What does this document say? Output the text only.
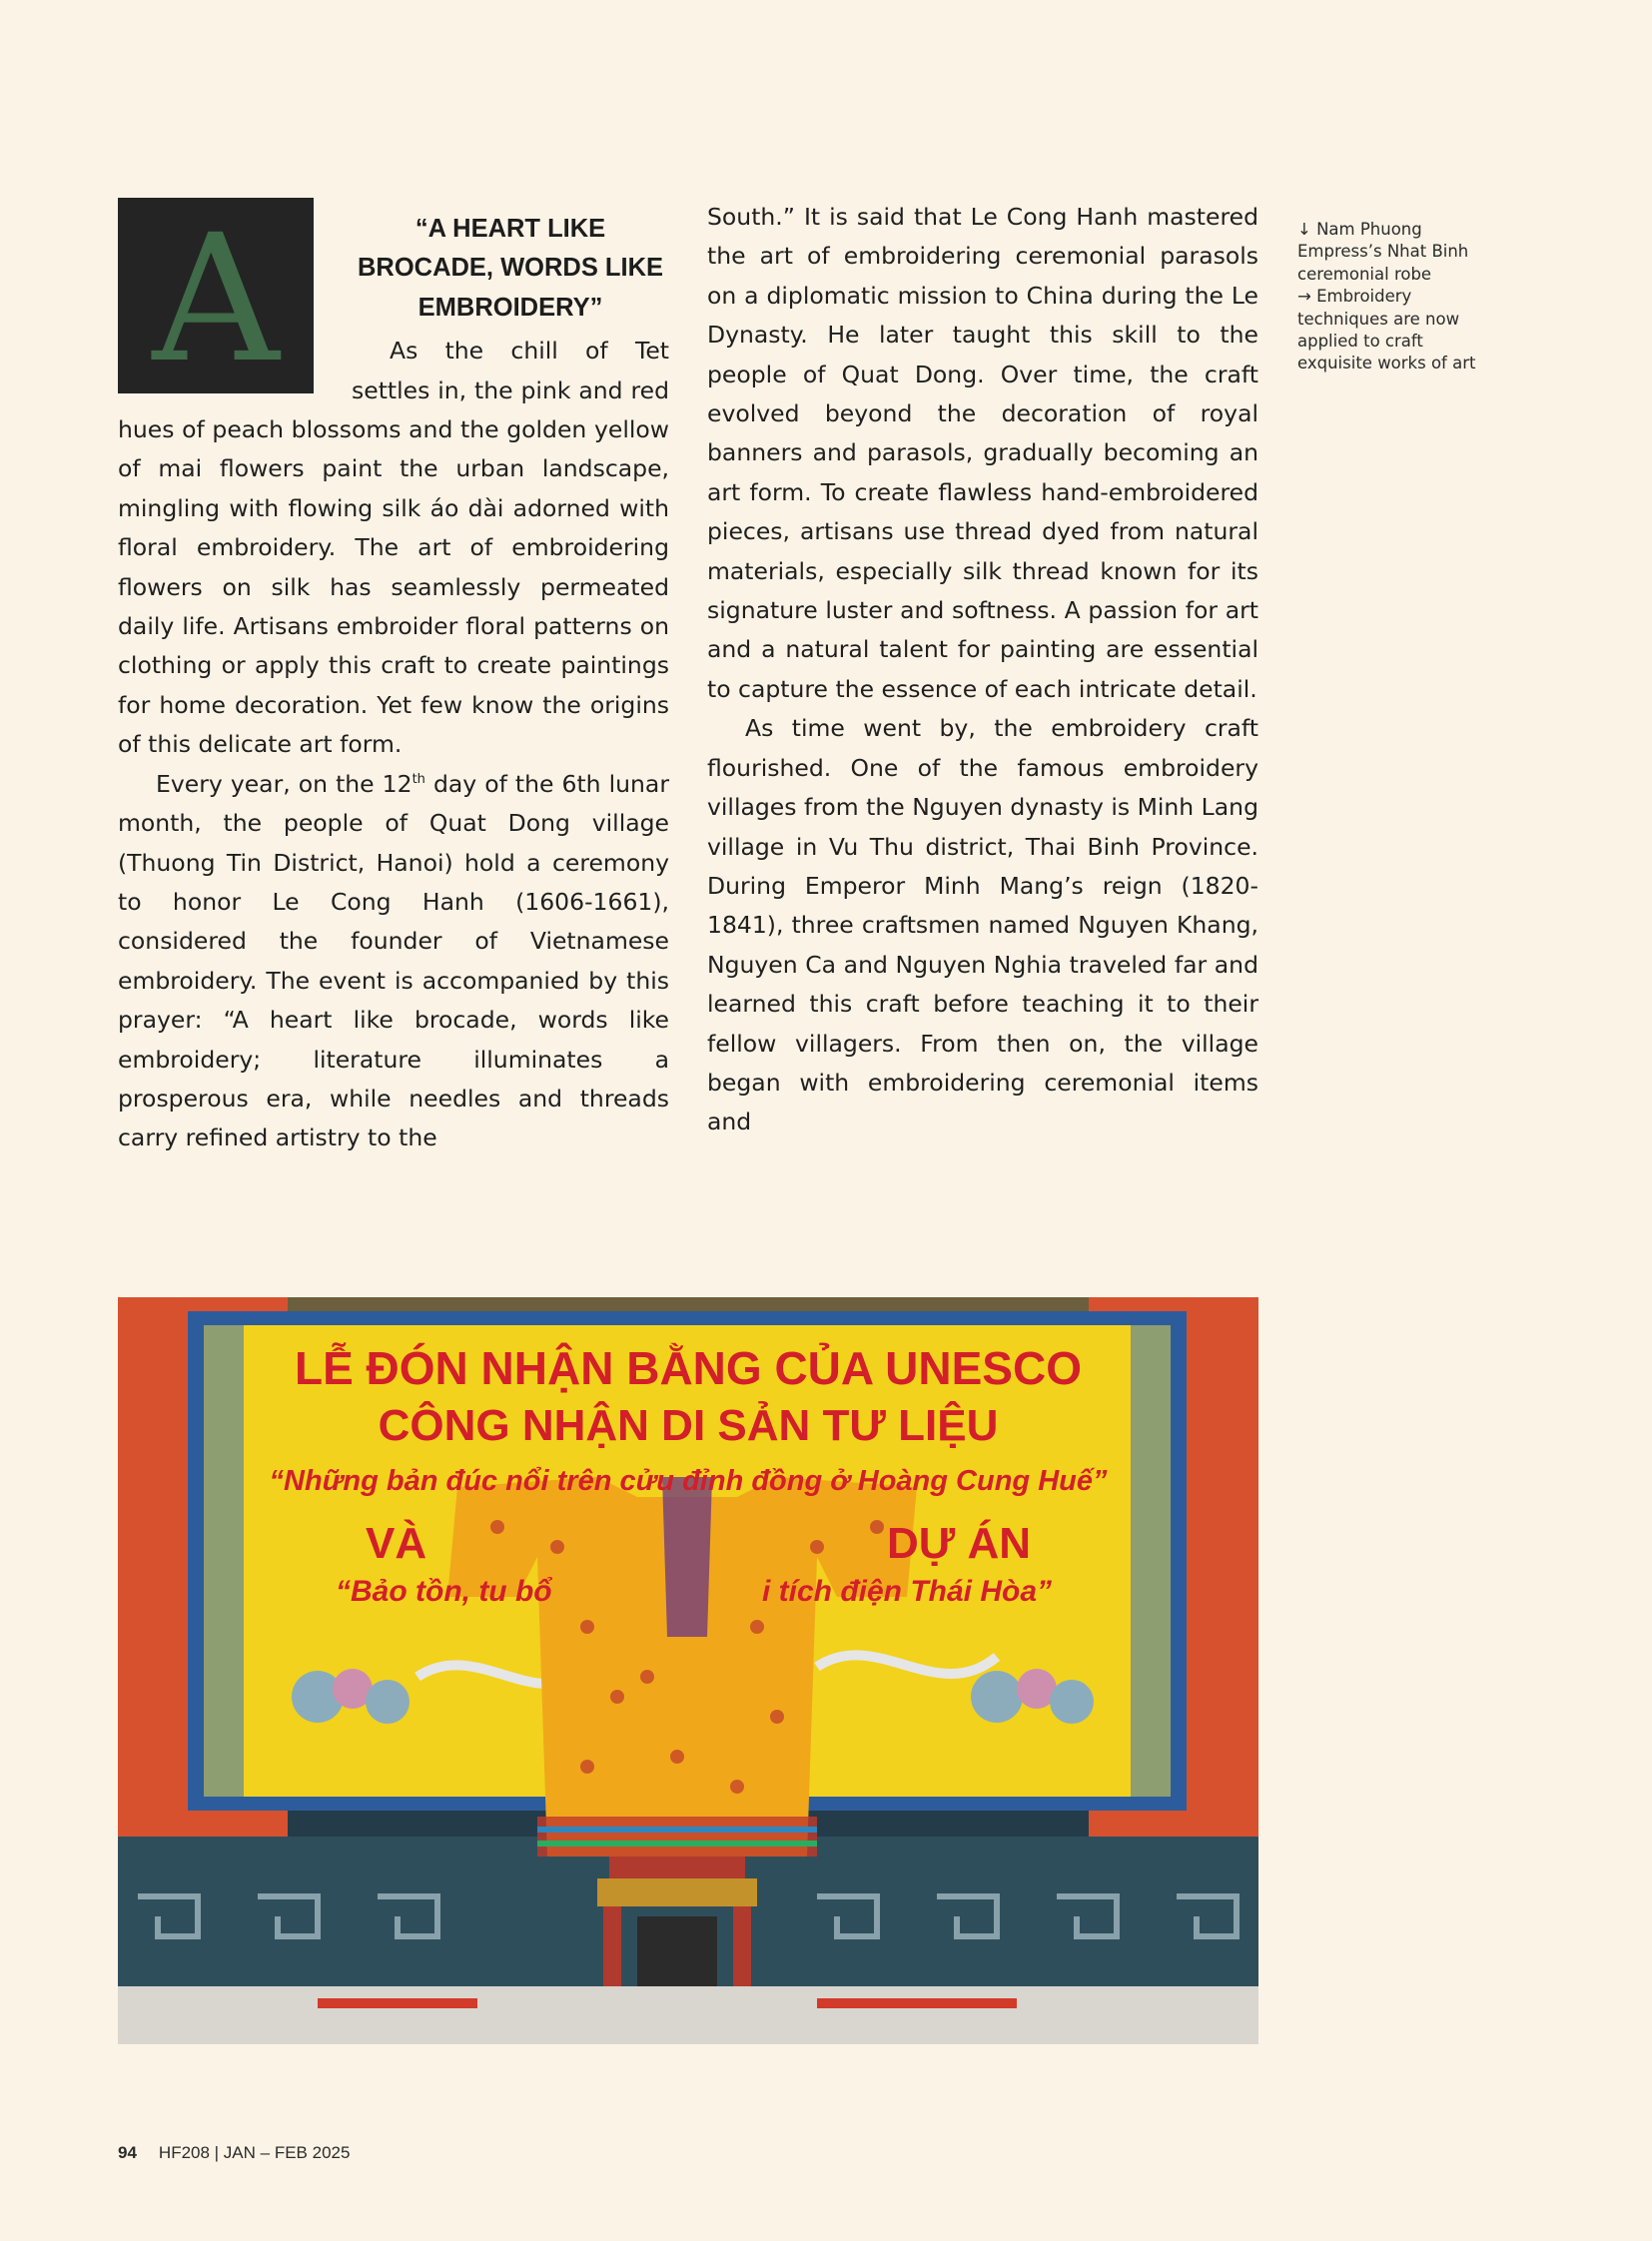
A	“A HEART LIKE BROCADE, WORDS LIKE EMBROIDERY”

As the chill of Tet settles in, the pink and red hues of peach blossoms and the golden yellow of mai flowers paint the urban landscape, mingling with flowing silk áo dài adorned with floral embroidery. The art of embroidering flowers on silk has seamlessly permeated daily life. Artisans embroider floral patterns on clothing or apply this craft to create paintings for home decoration. Yet few know the origins of this delicate art form.

Every year, on the 12th day of the 6th lunar month, the people of Quat Dong village (Thuong Tin District, Hanoi) hold a ceremony to honor Le Cong Hanh (1606-1661), considered the founder of Vietnamese embroidery. The event is accompanied by this prayer: “A heart like brocade, words like embroidery; literature illuminates a prosperous era, while needles and threads carry refined artistry to the

South.” It is said that Le Cong Hanh mastered the art of embroidering ceremonial parasols on a diplomatic mission to China during the Le Dynasty. He later taught this skill to the people of Quat Dong. Over time, the craft evolved beyond the decoration of royal banners and parasols, gradually becoming an art form. To create flawless hand-embroidered pieces, artisans use thread dyed from natural materials, especially silk thread known for its signature luster and softness. A passion for art and a natural talent for painting are essential to capture the essence of each intricate detail.

As time went by, the embroidery craft flourished. One of the famous embroidery villages from the Nguyen dynasty is Minh Lang village in Vu Thu district, Thai Binh Province. During Emperor Minh Mang’s reign (1820-1841), three craftsmen named Nguyen Khang, Nguyen Ca and Nguyen Nghia traveled far and learned this craft before teaching it to their fellow villagers. From then on, the village began with embroidering ceremonial items and

↓ Nam Phuong Empress’s Nhat Binh ceremonial robe
→ Embroidery techniques are now applied to craft exquisite works of art
LỄ ĐÓN NHẬN BẰNG CỦA UNESCO
CÔNG NHẬN DI SẢN TƯ LIỆU
“Những bản đúc nổi trên cửu đỉnh đồng ở Hoàng Cung Huế”
VÀ	DỰ ÁN
“Bảo tồn, tu bổ	i tích điện Thái Hòa”
94 HF208 | JAN – FEB 2025
